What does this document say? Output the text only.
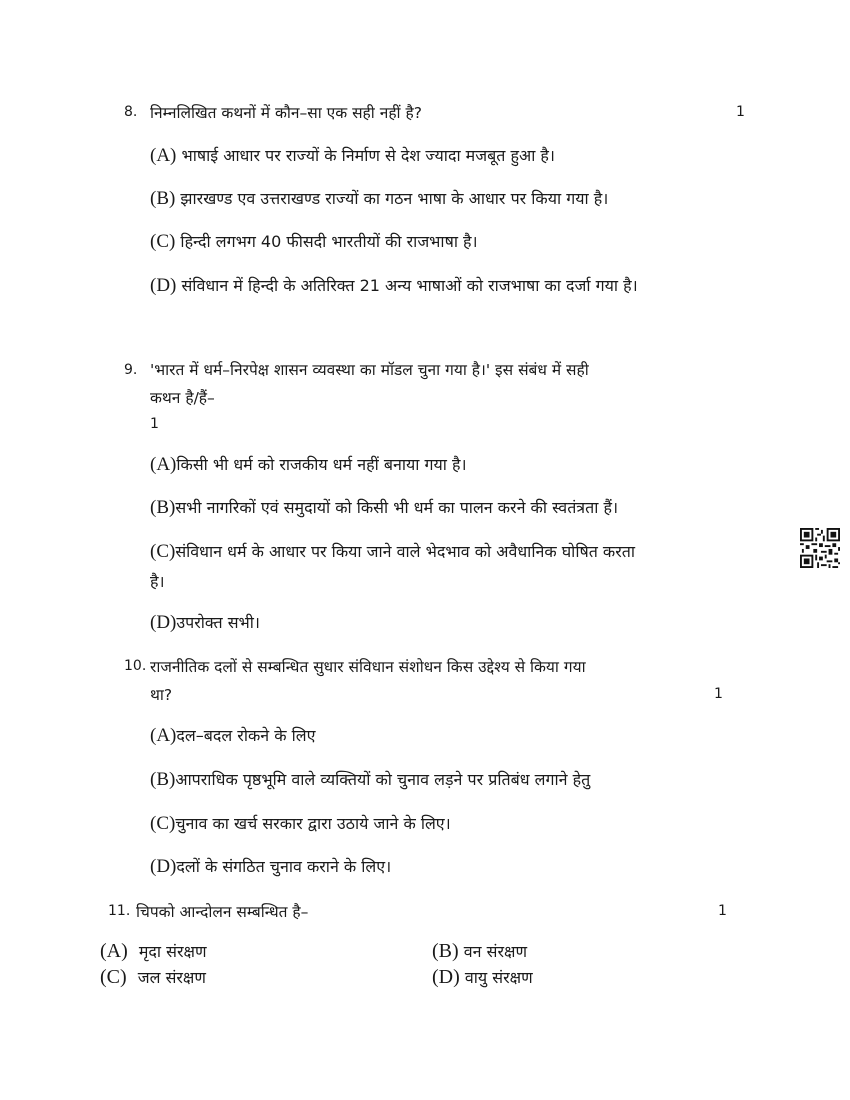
8. निम्नलिखित कथनों में कौन–सा एक सही नहीं है?	1
(A) भाषाई आधार पर राज्यों के निर्माण से देश ज्यादा मजबूत हुआ है।
(B) झारखण्ड एव उत्तराखण्ड राज्यों का गठन भाषा के आधार पर किया गया है।
(C) हिन्दी लगभग 40 फीसदी भारतीयों की राजभाषा है।
(D) संविधान में हिन्दी के अतिरिक्त 21 अन्य भाषाओं को राजभाषा का दर्जा गया है।
9. 'भारत में धर्म–निरपेक्ष शासन व्यवस्था का मॉडल चुना गया है।' इस संबंध में सही
कथन है/हैं–
1
(A)किसी भी धर्म को राजकीय धर्म नहीं बनाया गया है।
(B)सभी नागरिकों एवं समुदायों को किसी भी धर्म का पालन करने की स्वतंत्रता हैं।
(C)संविधान धर्म के आधार पर किया जाने वाले भेदभाव को अवैधानिक घोषित करता
है।
(D)उपरोक्त सभी।
10. राजनीतिक दलों से सम्बन्धित सुधार संविधान संशोधन किस उद्देश्य से किया गया
था?	1
(A)दल–बदल रोकने के लिए
(B)आपराधिक पृष्ठभूमि वाले व्यक्तियों को चुनाव लड़ने पर प्रतिबंध लगाने हेतु
(C)चुनाव का खर्च सरकार द्वारा उठाये जाने के लिए।
(D)दलों के संगठित चुनाव कराने के लिए।
11. चिपको आन्दोलन सम्बन्धित है–	1
(A) मृदा संरक्षण	(B) वन संरक्षण
(C) जल संरक्षण	(D) वायु संरक्षण
